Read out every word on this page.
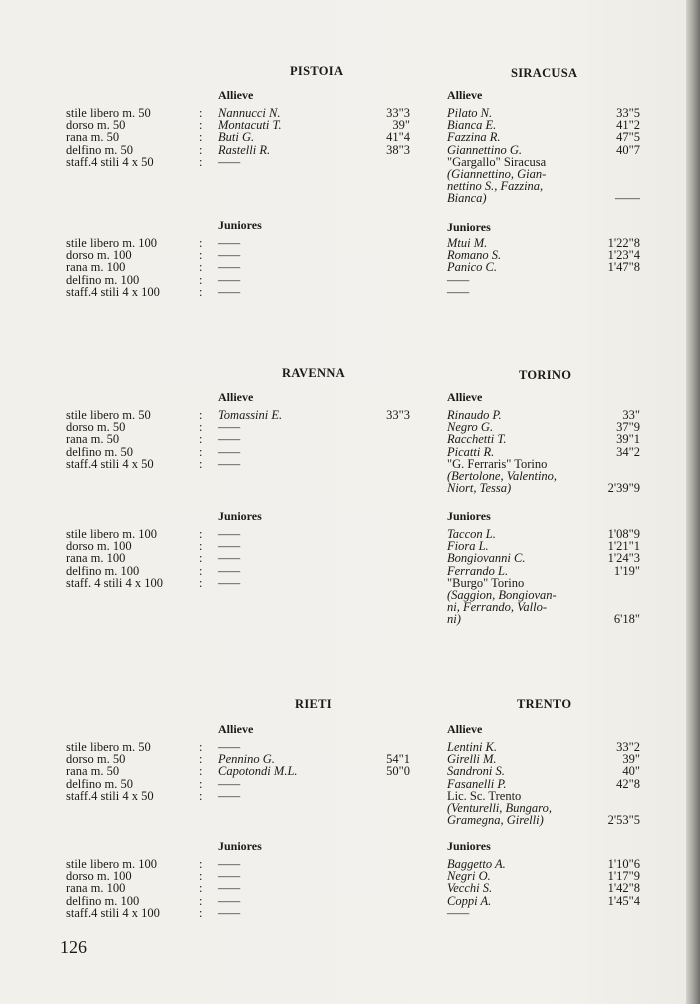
PISTOIA
Allieve
stile libero m. 50
dorso m. 50
rana m. 50
delfino m. 50
staff.4 stili 4 x 50
:
:
:
:
:
Nannucci N.
Montacuti T.
Buti G.
Rastelli R.
——
33"3
39"
41"4
38"3
Juniores
stile libero m. 100
dorso m. 100
rana m. 100
delfino m. 100
staff.4 stili 4 x 100
:
:
:
:
:
——
——
——
——
——
SIRACUSA
Allieve
Pilato N.
Bianca E.
Fazzina R.
Giannettino G.
"Gargallo" Siracusa
(Giannettino, Gian-
nettino S., Fazzina,
Bianca)
33"5
41"2
47"5
40"7
——
Juniores
Mtui M.
Romano S.
Panico C.
——
——
1'22"8
1'23"4
1'47"8
RAVENNA
Allieve
stile libero m. 50
dorso m. 50
rana m. 50
delfino m. 50
staff.4 stili 4 x 50
:
:
:
:
:
Tomassini E.
——
——
——
——
33"3
Juniores
stile libero m. 100
dorso m. 100
rana m. 100
delfino m. 100
staff. 4 stili 4 x 100
:
:
:
:
:
——
——
——
——
——
TORINO
Allieve
Rinaudo P.
Negro G.
Racchetti T.
Picatti R.
"G. Ferraris" Torino
(Bertolone, Valentino,
Niort, Tessa)
33"
37"9
39"1
34"2
2'39"9
Juniores
Taccon L.
Fiora L.
Bongiovanni C.
Ferrando L.
"Burgo" Torino
(Saggion, Bongiovan-
ni, Ferrando, Vallo-
ni)
1'08"9
1'21"1
1'24"3
1'19"
6'18"
RIETI
Allieve
stile libero m. 50
dorso m. 50
rana m. 50
delfino m. 50
staff.4 stili 4 x 50
:
:
:
:
:
——
Pennino G.
Capotondi M.L.
——
——
54"1
50"0
Juniores
stile libero m. 100
dorso m. 100
rana m. 100
delfino m. 100
staff.4 stili 4 x 100
:
:
:
:
:
——
——
——
——
——
TRENTO
Allieve
Lentini K.
Girelli M.
Sandroni S.
Fasanelli P.
Lic. Sc. Trento
(Venturelli, Bungaro,
Gramegna, Girelli)
33"2
39"
40"
42"8
2'53"5
Juniores
Baggetto A.
Negri O.
Vecchi S.
Coppi A.
——
1'10"6
1'17"9
1'42"8
1'45"4
126
